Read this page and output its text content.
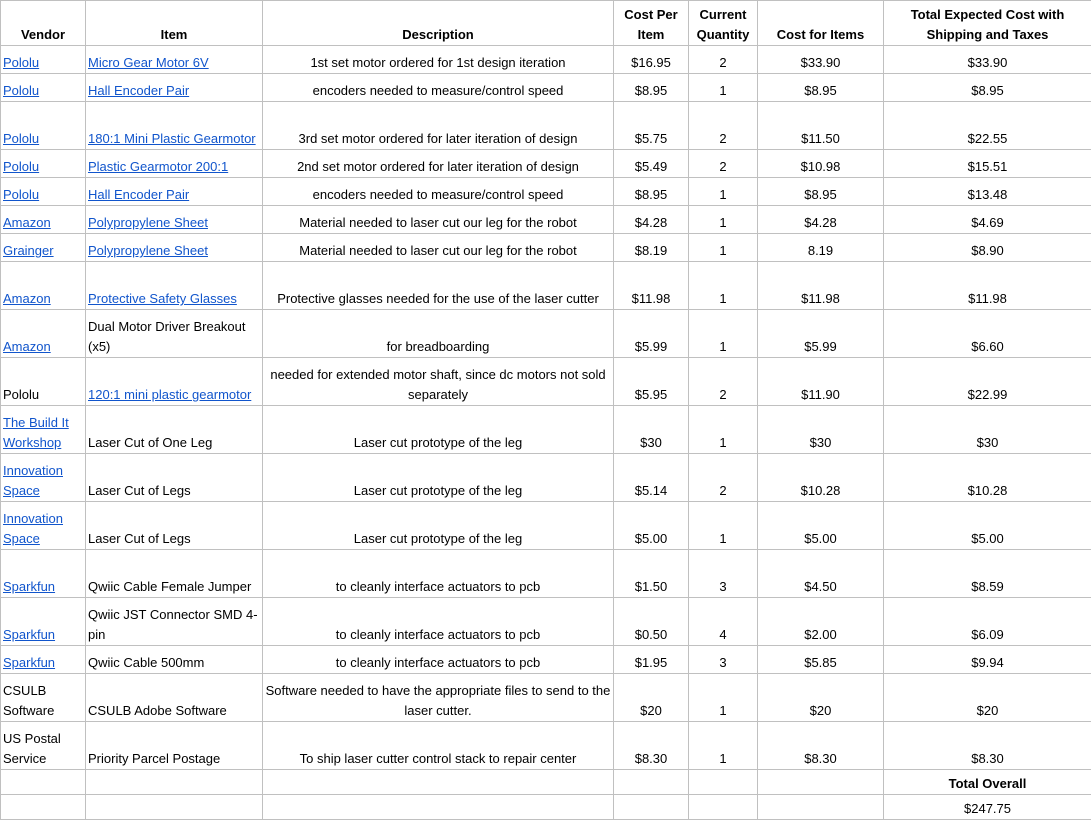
Vendor	Item	Description	Cost Per Item	Current Quantity	Cost for Items	Total Expected Cost with Shipping and Taxes
Pololu	Micro Gear Motor 6V	1st set motor ordered for 1st design iteration	$16.95	2	$33.90	$33.90
Pololu	Hall Encoder Pair	encoders needed to measure/control speed	$8.95	1	$8.95	$8.95
Pololu	180:1 Mini Plastic Gearmotor	3rd set motor ordered for later iteration of design	$5.75	2	$11.50	$22.55
Pololu	Plastic Gearmotor 200:1	2nd set motor ordered for later iteration of design	$5.49	2	$10.98	$15.51
Pololu	Hall Encoder Pair	encoders needed to measure/control speed	$8.95	1	$8.95	$13.48
Amazon	Polypropylene Sheet	Material needed to laser cut our leg for the robot	$4.28	1	$4.28	$4.69
Grainger	Polypropylene Sheet	Material needed to laser cut our leg for the robot	$8.19	1	8.19	$8.90
Amazon	Protective Safety Glasses	Protective glasses needed for the use of the laser cutter	$11.98	1	$11.98	$11.98
Amazon	Dual Motor Driver Breakout (x5)	for breadboarding	$5.99	1	$5.99	$6.60
Pololu	120:1 mini plastic gearmotor	needed for extended motor shaft, since dc motors not sold separately	$5.95	2	$11.90	$22.99
The Build It Workshop	Laser Cut of One Leg	Laser cut prototype of the leg	$30	1	$30	$30
Innovation Space	Laser Cut of Legs	Laser cut prototype of the leg	$5.14	2	$10.28	$10.28
Innovation Space	Laser Cut of Legs	Laser cut prototype of the leg	$5.00	1	$5.00	$5.00
Sparkfun	Qwiic Cable Female Jumper	to cleanly interface actuators to pcb	$1.50	3	$4.50	$8.59
Sparkfun	Qwiic JST Connector SMD 4-pin	to cleanly interface actuators to pcb	$0.50	4	$2.00	$6.09
Sparkfun	Qwiic Cable 500mm	to cleanly interface actuators to pcb	$1.95	3	$5.85	$9.94
CSULB Software	CSULB Adobe Software	Software needed to have the appropriate files to send to the laser cutter.	$20	1	$20	$20
US Postal Service	Priority Parcel Postage	To ship laser cutter control stack to repair center	$8.30	1	$8.30	$8.30
						Total Overall
						$247.75
